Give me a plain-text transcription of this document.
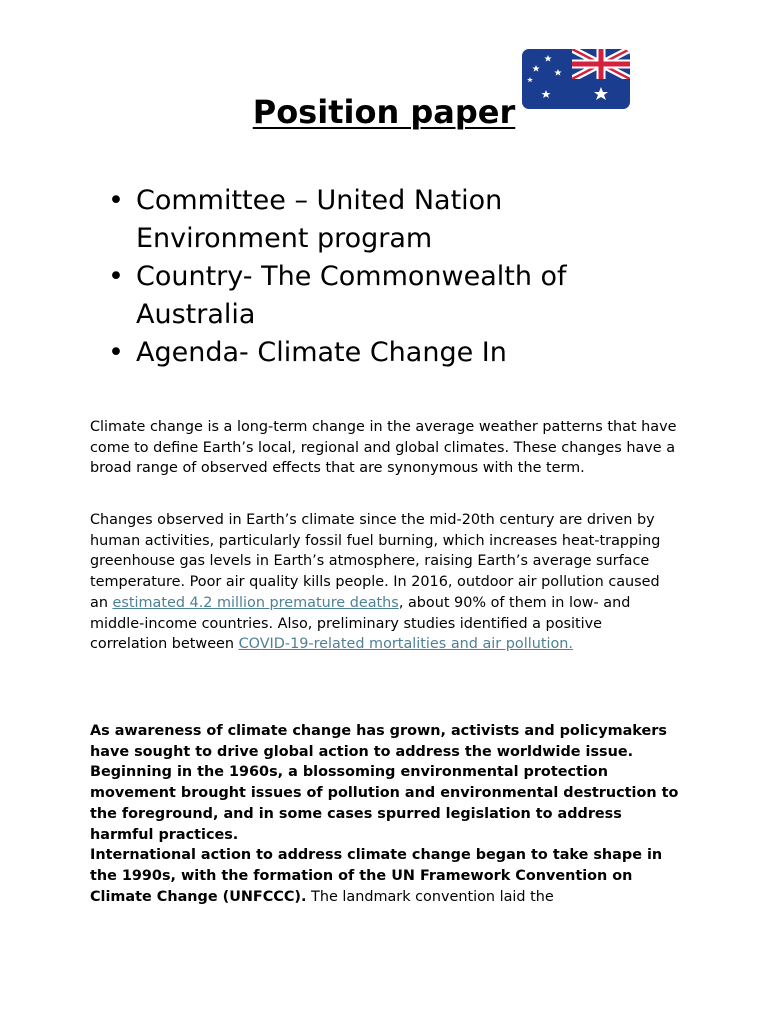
Position paper
• Committee – United Nation Environment program
• Country- The Commonwealth of Australia
• Agenda- Climate Change In

Climate change is a long-term change in the average weather patterns that have come to define Earth’s local, regional and global climates. These changes have a broad range of observed effects that are synonymous with the term.

Changes observed in Earth’s climate since the mid-20th century are driven by human activities, particularly fossil fuel burning, which increases heat-trapping greenhouse gas levels in Earth’s atmosphere, raising Earth’s average surface temperature. Poor air quality kills people. In 2016, outdoor air pollution caused an estimated 4.2 million premature deaths, about 90% of them in low- and middle-income countries. Also, preliminary studies identified a positive correlation between COVID-19-related mortalities and air pollution.

As awareness of climate change has grown, activists and policymakers have sought to drive global action to address the worldwide issue. Beginning in the 1960s, a blossoming environmental protection movement brought issues of pollution and environmental destruction to the foreground, and in some cases spurred legislation to address harmful practices.
International action to address climate change began to take shape in the 1990s, with the formation of the UN Framework Convention on Climate Change (UNFCCC). The landmark convention laid the
